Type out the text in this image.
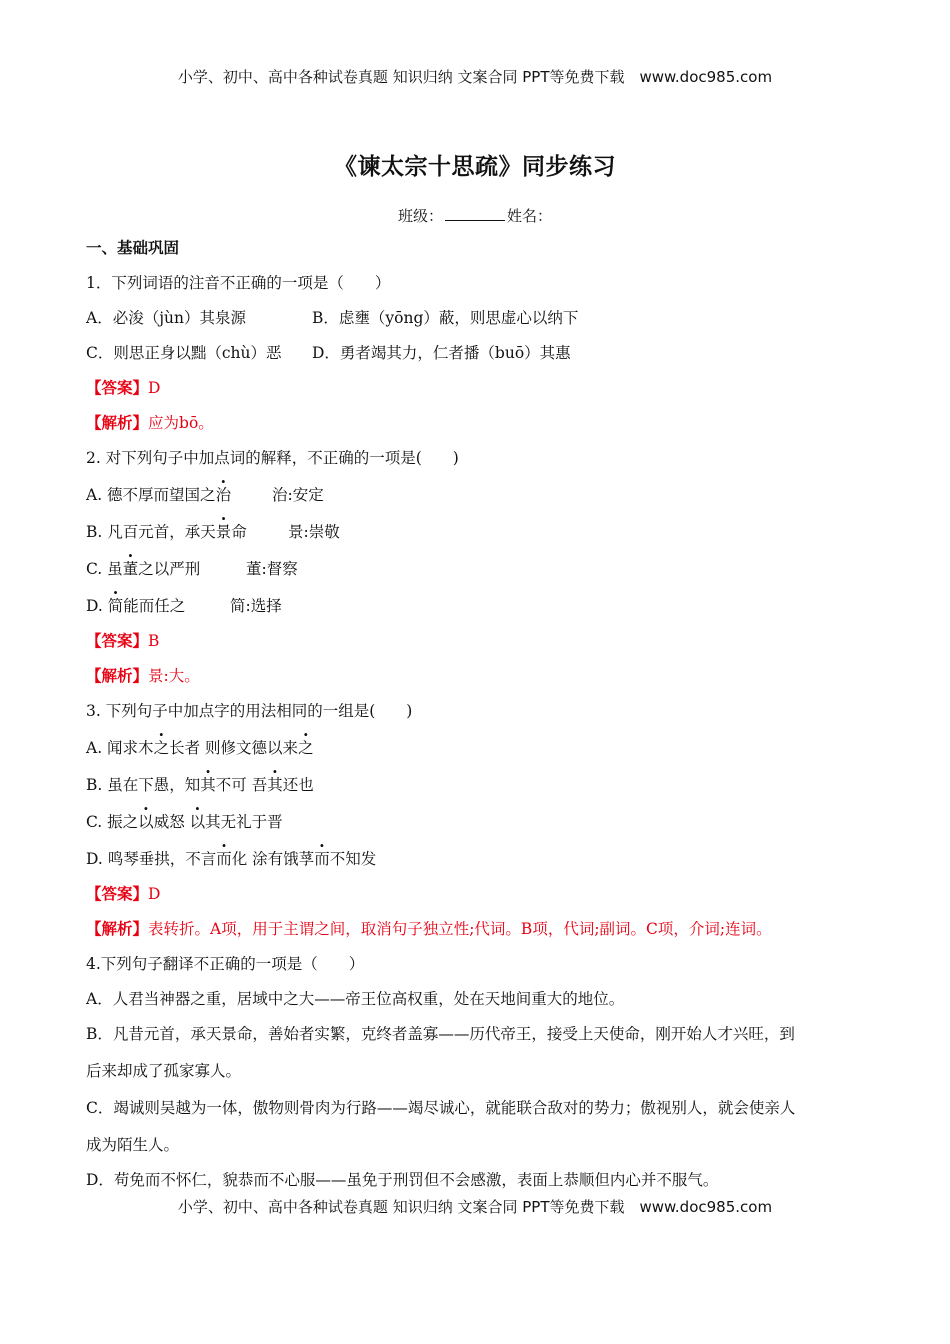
小学、初中、高中各种试卷真题 知识归纳 文案合同 PPT等免费下载　www.doc985.com
《谏太宗十思疏》同步练习
班级：	姓名：
一、基础巩固
1．下列词语的注音不正确的一项是（　　）
A．必浚（jùn）其泉源	B．虑壅（yōng）蔽，则思虚心以纳下
C．则思正身以黜（chù）恶 D．勇者竭其力，仁者播（buō）其惠
【答案】D
【解析】应为bō。
2. 对下列句子中加点词的解释，不正确的一项是(　　)
A. 德不厚而望国之治	治:安定
B. 凡百元首，承天景命	景:崇敬
C. 虽董之以严刑	董:督察
D. 简能而任之	简:选择
【答案】B
【解析】景:大。
3. 下列句子中加点字的用法相同的一组是(　　)
A. 闻求木之长者 则修文德以来之
B. 虽在下愚，知其不可 吾其还也
C. 振之以威怒 以其无礼于晋
D. 鸣琴垂拱，不言而化 涂有饿莩而不知发
【答案】D
【解析】表转折。A项，用于主谓之间，取消句子独立性;代词。B项，代词;副词。C项，介词;连词。
4.下列句子翻译不正确的一项是（　　）
A．人君当神器之重，居域中之大——帝王位高权重，处在天地间重大的地位。
B．凡昔元首，承天景命，善始者实繁，克终者盖寡——历代帝王，接受上天使命，刚开始人才兴旺，到
后来却成了孤家寡人。
C．竭诚则吴越为一体，傲物则骨肉为行路——竭尽诚心，就能联合敌对的势力；傲视别人，就会使亲人
成为陌生人。
D．苟免而不怀仁，貌恭而不心服——虽免于刑罚但不会感激，表面上恭顺但内心并不服气。
小学、初中、高中各种试卷真题 知识归纳 文案合同 PPT等免费下载　www.doc985.com
